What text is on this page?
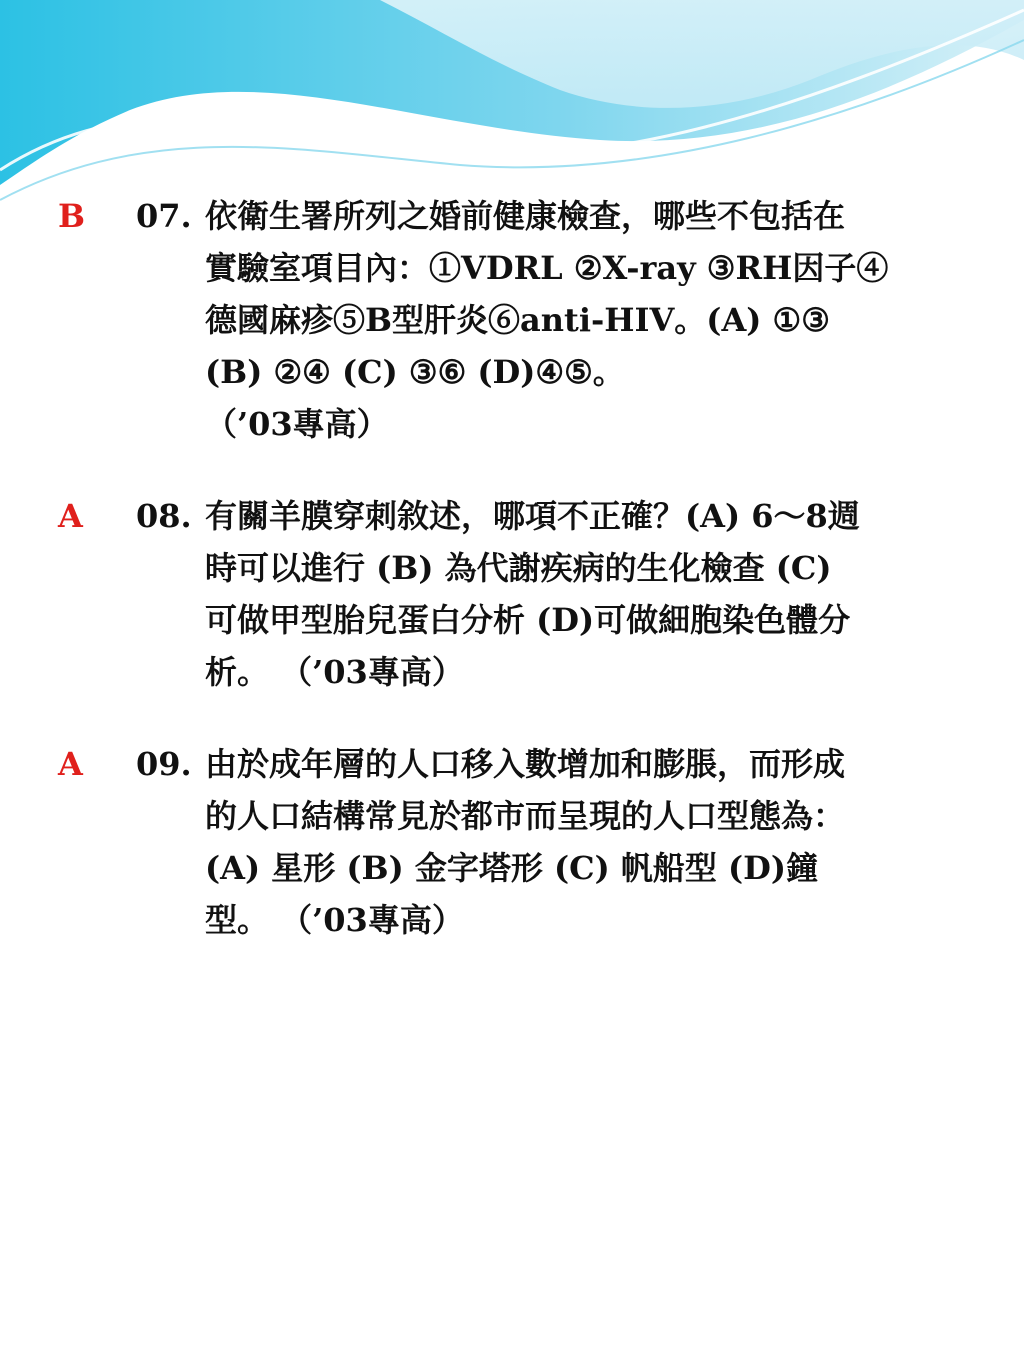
B 07. 依衛生署所列之婚前健康檢查，哪些不包括在
實驗室項目內：①VDRL ②X-ray ③RH因子④
德國麻疹⑤B型肝炎⑥anti-HIV。(A) ①③
(B) ②④ (C) ③⑥ (D)④⑤。
（’03專高）
A 08. 有關羊膜穿刺敘述，哪項不正確？(A) 6～8週
時可以進行 (B) 為代謝疾病的生化檢查 (C)
可做甲型胎兒蛋白分析 (D)可做細胞染色體分
析。 （’03專高）
A 09. 由於成年層的人口移入數增加和膨脹，而形成
的人口結構常見於都市而呈現的人口型態為：
(A) 星形 (B) 金字塔形 (C) 帆船型 (D)鐘
型。 （’03專高）
